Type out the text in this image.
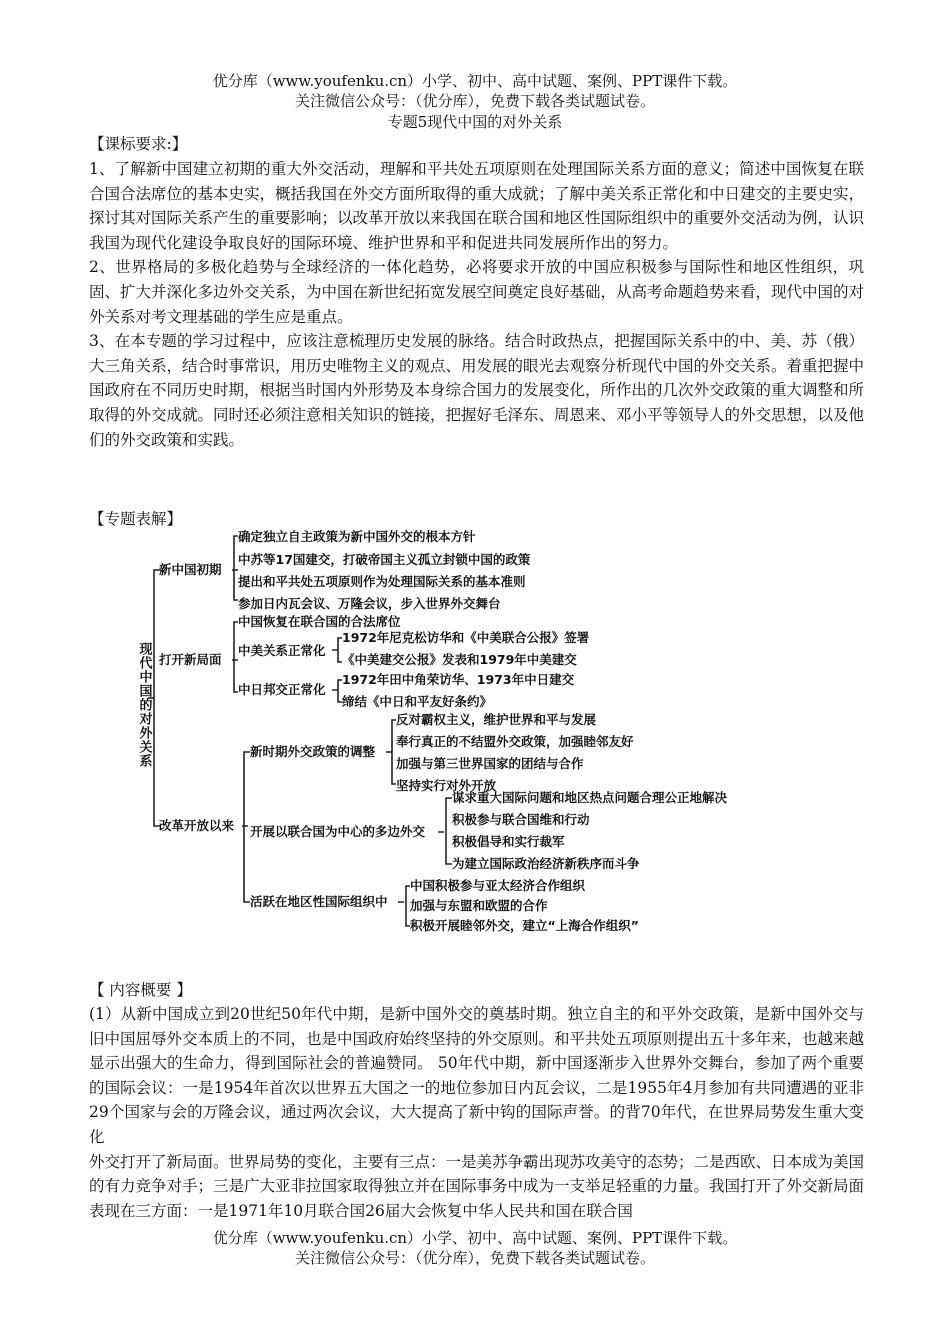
优分库（www.youfenku.cn）小学、初中、高中试题、案例、PPT课件下载。
关注微信公众号：（优分库），免费下载各类试题试卷。
专题5现代中国的对外关系
【课标要求:】

1、了解新中国建立初期的重大外交活动，理解和平共处五项原则在处理国际关系方面的意义；简述中国恢复在联合国合法席位的基本史实，概括我国在外交方面所取得的重大成就；了解中美关系正常化和中日建交的主要史实，探讨其对国际关系产生的重要影响；以改革开放以来我国在联合国和地区性国际组织中的重要外交活动为例，认识我国为现代化建设争取良好的国际环境、维护世界和平和促进共同发展所作出的努力。

2、世界格局的多极化趋势与全球经济的一体化趋势，必将要求开放的中国应积极参与国际性和地区性组织，巩固、扩大并深化多边外交关系，为中国在新世纪拓宽发展空间奠定良好基础，从高考命题趋势来看，现代中国的对外关系对考文理基础的学生应是重点。

3、在本专题的学习过程中，应该注意梳理历史发展的脉络。结合时政热点，把握国际关系中的中、美、苏（俄）大三角关系，结合时事常识，用历史唯物主义的观点、用发展的眼光去观察分析现代中国的外交关系。着重把握中国政府在不同历史时期，根据当时国内外形势及本身综合国力的发展变化，所作出的几次外交政策的重大调整和所取得的外交成就。同时还必须注意相关知识的链接，把握好毛泽东、周恩来、邓小平等领导人的外交思想，以及他们的外交政策和实践。

【专题表解】
现代中国的对外关系
新中国初期
确定独立自主政策为新中国外交的根本方针
中苏等17国建交，打破帝国主义孤立封锁中国的政策
提出和平共处五项原则作为处理国际关系的基本准则
参加日内瓦会议、万隆会议，步入世界外交舞台
打开新局面
中国恢复在联合国的合法席位
中美关系正常化
1972年尼克松访华和《中美联合公报》签署
《中美建交公报》发表和1979年中美建交
中日邦交正常化
1972年田中角荣访华、1973年中日建交
缔结《中日和平友好条约》
改革开放以来
新时期外交政策的调整
反对霸权主义，维护世界和平与发展
奉行真正的不结盟外交政策，加强睦邻友好
加强与第三世界国家的团结与合作
坚持实行对外开放
开展以联合国为中心的多边外交
谋求重大国际问题和地区热点问题合理公正地解决
积极参与联合国维和行动
积极倡导和实行裁军
为建立国际政治经济新秩序而斗争
活跃在地区性国际组织中
中国积极参与亚太经济合作组织
加强与东盟和欧盟的合作
积极开展睦邻外交，建立“上海合作组织”
【 内容概要 】

(1）从新中国成立到20世纪50年代中期，是新中国外交的奠基时期。独立自主的和平外交政策，是新中国外交与旧中国屈辱外交本质上的不同，也是中国政府始终坚持的外交原则。和平共处五项原则提出五十多年来，也越来越显示出强大的生命力，得到国际社会的普遍赞同。 50年代中期，新中国逐渐步入世界外交舞台，参加了两个重要的国际会议：一是1954年首次以世界五大国之一的地位参加日内瓦会议，二是1955年4月参加有共同遭遇的亚非29个国家与会的万隆会议，通过两次会议，大大提高了新中钩的国际声誉。的背70年代，在世界局势发生重大变化

外交打开了新局面。世界局势的变化，主要有三点：一是美苏争霸出现苏攻美守的态势；二是西欧、日本成为美国的有力竞争对手；三是广大亚非拉国家取得独立并在国际事务中成为一支举足轻重的力量。我国打开了外交新局面表现在三方面：一是1971年10月联合国26届大会恢复中华人民共和国在联合国

优分库（www.youfenku.cn）小学、初中、高中试题、案例、PPT课件下载。
关注微信公众号：（优分库），免费下载各类试题试卷。
